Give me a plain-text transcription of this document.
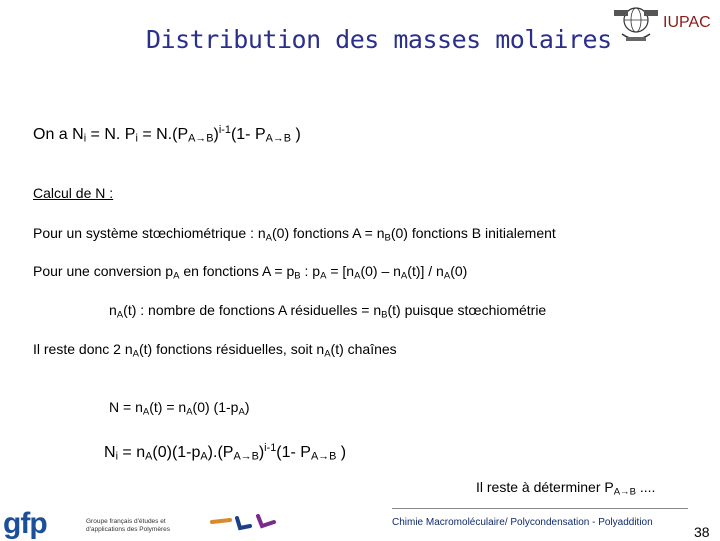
Distribution des masses molaires
IUPAC
On a $N_i = N$. $P_i = N.(P_{A\to B})^{i-1}(1-$ $P_{A\to B}$ )
Calcul de N :
Pour un système stœchiométrique : $n_A(0)$ fonctions $A = n_B(0)$ fonctions B initialement
Pour une conversion $p_A$ en fonctions $A = p_B$ : $p_A = [n_A(0) - n_A(t)] / n_A(0)$
$n_A(t)$ : nombre de fonctions A résiduelles = $n_B(t)$ puisque stœchiométrie
Il reste donc 2 $n_A(t)$ fonctions résiduelles, soit $n_A(t)$ chaînes
$N = n_A(t) = n_A(0)$ $(1-p_A)$
$N_i = n_A(0)(1-p_A).(P_{A\to B})^{i-1}(1-$ $P_{A\to B}$ )
Il reste à déterminer $P_{A\to B}$ ....
gfp	Groupe français d'études et d'applications des Polymères
Chimie Macromoléculaire/ Polycondensation - Polyaddition
38
